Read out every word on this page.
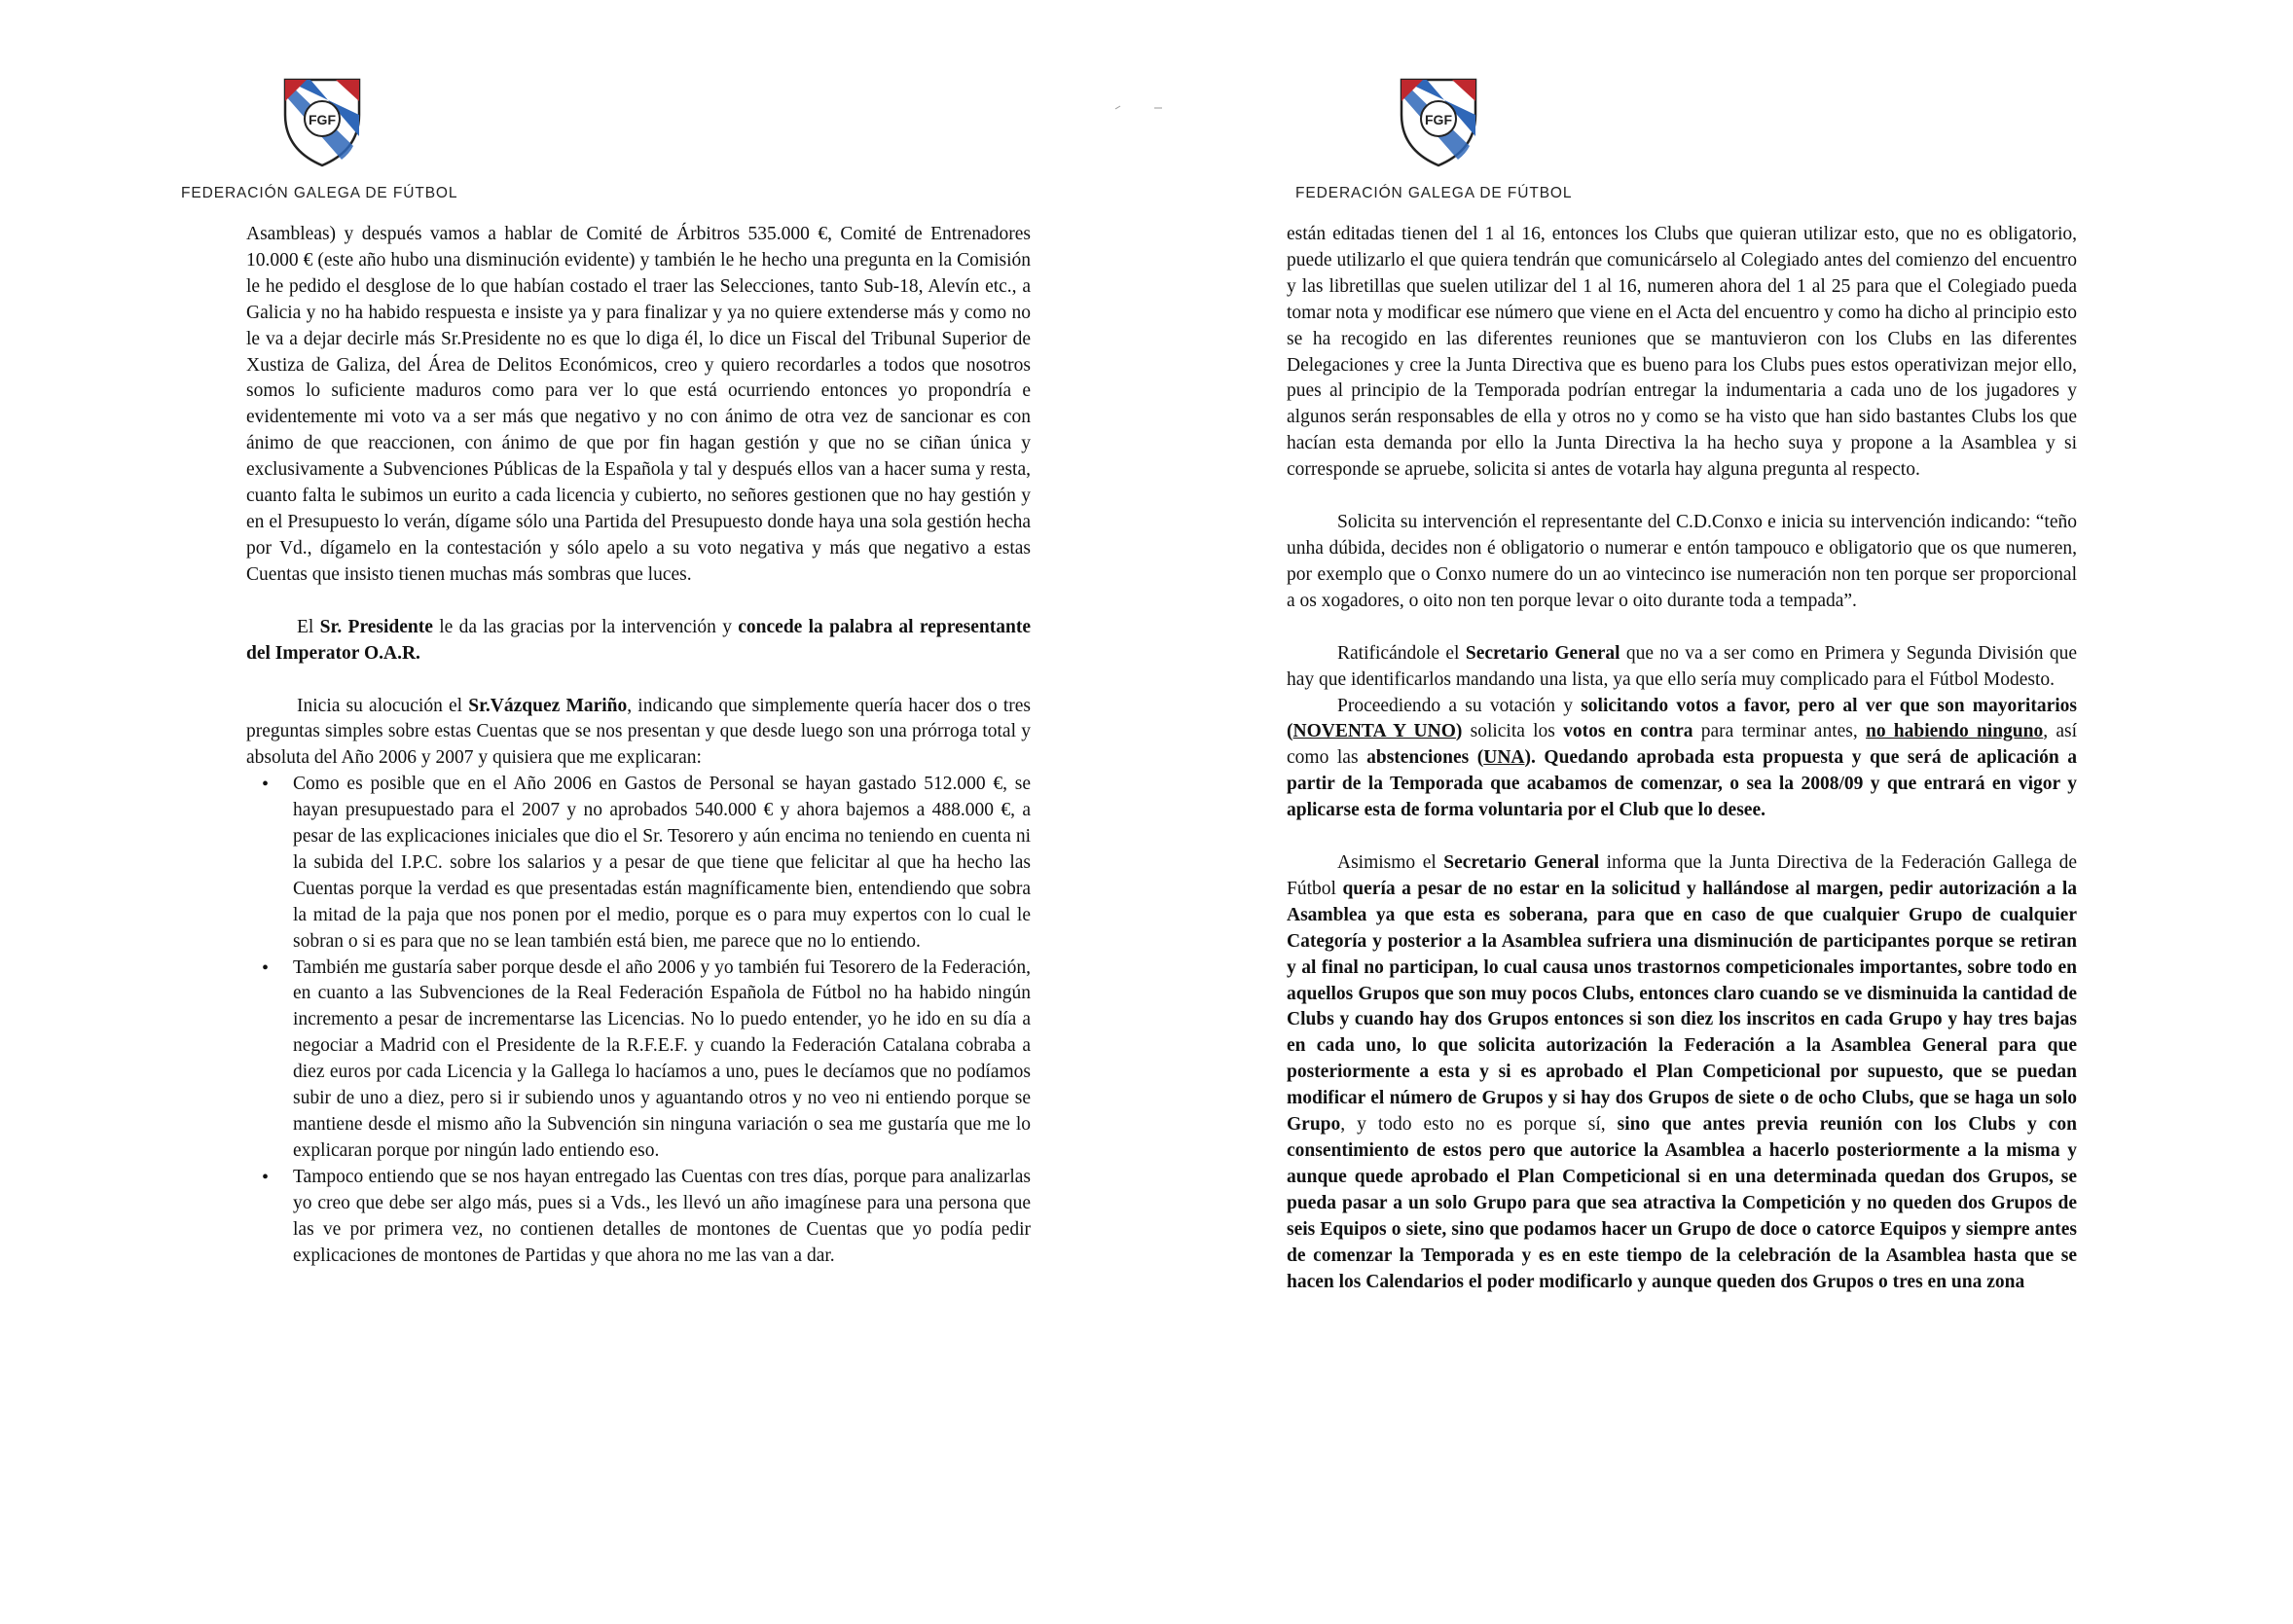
FGF
FEDERACIÓN GALEGA DE FÚTBOL

Asambleas) y después vamos a hablar de Comité de Árbitros 535.000 €, Comité de Entrenadores 10.000 € (este año hubo una disminución evidente) y también le he hecho una pregunta en la Comisión le he pedido el desglose de lo que habían costado el traer las Selecciones, tanto Sub-18, Alevín etc., a Galicia y no ha habido respuesta e insiste ya y para finalizar y ya no quiere extenderse más y como no le va a dejar decirle más Sr.Presidente no es que lo diga él, lo dice un Fiscal del Tribunal Superior de Xustiza de Galiza, del Área de Delitos Económicos, creo y quiero recordarles a todos que nosotros somos lo suficiente maduros como para ver lo que está ocurriendo entonces yo propondría e evidentemente mi voto va a ser más que negativo y no con ánimo de otra vez de sancionar es con ánimo de que reaccionen, con ánimo de que por fin hagan gestión y que no se ciñan única y exclusivamente a Subvenciones Públicas de la Española y tal y después ellos van a hacer suma y resta, cuanto falta le subimos un eurito a cada licencia y cubierto, no señores gestionen que no hay gestión y en el Presupuesto lo verán, dígame sólo una Partida del Presupuesto donde haya una sola gestión hecha por Vd., dígamelo en la contestación y sólo apelo a su voto negativa y más que negativo a estas Cuentas que insisto tienen muchas más sombras que luces.

El Sr. Presidente le da las gracias por la intervención y concede la palabra al representante del Imperator O.A.R.

Inicia su alocución el Sr.Vázquez Mariño, indicando que simplemente quería hacer dos o tres preguntas simples sobre estas Cuentas que se nos presentan y que desde luego son una prórroga total y absoluta del Año 2006 y 2007 y quisiera que me explicaran:

• Como es posible que en el Año 2006 en Gastos de Personal se hayan gastado 512.000 €, se hayan presupuestado para el 2007 y no aprobados 540.000 € y ahora bajemos a 488.000 €, a pesar de las explicaciones iniciales que dio el Sr. Tesorero y aún encima no teniendo en cuenta ni la subida del I.P.C. sobre los salarios y a pesar de que tiene que felicitar al que ha hecho las Cuentas porque la verdad es que presentadas están magníficamente bien, entendiendo que sobra la mitad de la paja que nos ponen por el medio, porque es o para muy expertos con lo cual le sobran o si es para que no se lean también está bien, me parece que no lo entiendo.
• También me gustaría saber porque desde el año 2006 y yo también fui Tesorero de la Federación, en cuanto a las Subvenciones de la Real Federación Española de Fútbol no ha habido ningún incremento a pesar de incrementarse las Licencias. No lo puedo entender, yo he ido en su día a negociar a Madrid con el Presidente de la R.F.E.F. y cuando la Federación Catalana cobraba a diez euros por cada Licencia y la Gallega lo hacíamos a uno, pues le decíamos que no podíamos subir de uno a diez, pero si ir subiendo unos y aguantando otros y no veo ni entiendo porque se mantiene desde el mismo año la Subvención sin ninguna variación o sea me gustaría que me lo explicaran porque por ningún lado entiendo eso.
• Tampoco entiendo que se nos hayan entregado las Cuentas con tres días, porque para analizarlas yo creo que debe ser algo más, pues si a Vds., les llevó un año imagínese para una persona que las ve por primera vez, no contienen detalles de montones de Cuentas que yo podía pedir explicaciones de montones de Partidas y que ahora no me las van a dar.
FGF
FEDERACIÓN GALEGA DE FÚTBOL

están editadas tienen del 1 al 16, entonces los Clubs que quieran utilizar esto, que no es obligatorio, puede utilizarlo el que quiera tendrán que comunicárselo al Colegiado antes del comienzo del encuentro y las libretillas que suelen utilizar del 1 al 16, numeren ahora del 1 al 25 para que el Colegiado pueda tomar nota y modificar ese número que viene en el Acta del encuentro y como ha dicho al principio esto se ha recogido en las diferentes reuniones que se mantuvieron con los Clubs en las diferentes Delegaciones y cree la Junta Directiva que es bueno para los Clubs pues estos operativizan mejor ello, pues al principio de la Temporada podrían entregar la indumentaria a cada uno de los jugadores y algunos serán responsables de ella y otros no y como se ha visto que han sido bastantes Clubs los que hacían esta demanda por ello la Junta Directiva la ha hecho suya y propone a la Asamblea y si corresponde se apruebe, solicita si antes de votarla hay alguna pregunta al respecto.

Solicita su intervención el representante del C.D.Conxo e inicia su intervención indicando: “teño unha dúbida, decides non é obligatorio o numerar e entón tampouco e obligatorio que os que numeren, por exemplo que o Conxo numere do un ao vintecinco ise numeración non ten porque ser proporcional a os xogadores, o oito non ten porque levar o oito durante toda a tempada”.

Ratificándole el Secretario General que no va a ser como en Primera y Segunda División que hay que identificarlos mandando una lista, ya que ello sería muy complicado para el Fútbol Modesto.

Proceediendo a su votación y solicitando votos a favor, pero al ver que son mayoritarios (NOVENTA Y UNO) solicita los votos en contra para terminar antes, no habiendo ninguno, así como las abstenciones (UNA). Quedando aprobada esta propuesta y que será de aplicación a partir de la Temporada que acabamos de comenzar, o sea la 2008/09 y que entrará en vigor y aplicarse esta de forma voluntaria por el Club que lo desee.

Asimismo el Secretario General informa que la Junta Directiva de la Federación Gallega de Fútbol quería a pesar de no estar en la solicitud y hallándose al margen, pedir autorización a la Asamblea ya que esta es soberana, para que en caso de que cualquier Grupo de cualquier Categoría y posterior a la Asamblea sufriera una disminución de participantes porque se retiran y al final no participan, lo cual causa unos trastornos competicionales importantes, sobre todo en aquellos Grupos que son muy pocos Clubs, entonces claro cuando se ve disminuida la cantidad de Clubs y cuando hay dos Grupos entonces si son diez los inscritos en cada Grupo y hay tres bajas en cada uno, lo que solicita autorización la Federación a la Asamblea General para que posteriormente a esta y si es aprobado el Plan Competicional por supuesto, que se puedan modificar el número de Grupos y si hay dos Grupos de siete o de ocho Clubs, que se haga un solo Grupo, y todo esto no es porque sí, sino que antes previa reunión con los Clubs y con consentimiento de estos pero que autorice la Asamblea a hacerlo posteriormente a la misma y aunque quede aprobado el Plan Competicional si en una determinada quedan dos Grupos, se pueda pasar a un solo Grupo para que sea atractiva la Competición y no queden dos Grupos de seis Equipos o siete, sino que podamos hacer un Grupo de doce o catorce Equipos y siempre antes de comenzar la Temporada y es en este tiempo de la celebración de la Asamblea hasta que se hacen los Calendarios el poder modificarlo y aunque queden dos Grupos o tres en una zona
